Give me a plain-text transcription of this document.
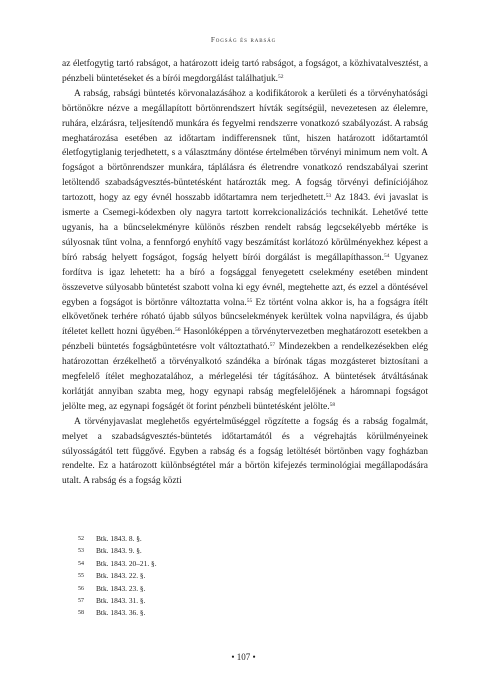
Fogság és rabság

az életfogytig tartó rabságot, a határozott ideig tartó rabságot, a fogságot, a közhivatalvesztést, a pénzbeli büntetéseket és a bírói megdorgálást találhatjuk.$^{52}$

A rabság, rabsági büntetés körvonalazásához a kodifikátorok a kerületi és a törvényhatósági börtönökre nézve a megállapított börtönrendszert hívták segítségül, nevezetesen az élelemre, ruhára, elzárásra, teljesítendő munkára és fegyelmi rendszerre vonatkozó szabályozást. A rabság meghatározása esetében az időtartam indifferensnek tűnt, hiszen határozott időtartamtól életfogytiglanig terjedhetett, s a választmány döntése értelmében törvényi minimum nem volt. A fogságot a börtönrendszer munkára, táplálásra és életrendre vonatkozó rendszabályai szerint letöltendő szabadságvesztés-büntetésként határozták meg. A fogság törvényi definíciójához tartozott, hogy az egy évnél hosszabb időtartamra nem terjedhetett.$^{53}$ Az 1843. évi javaslat is ismerte a Csemegi-kódexben oly nagyra tartott korrekcionalizációs technikát. Lehetővé tette ugyanis, ha a bűncselekményre különös részben rendelt rabság legcsekélyebb mértéke is súlyosnak tűnt volna, a fennforgó enyhítő vagy beszámítást korlátozó körülményekhez képest a bíró rabság helyett fogságot, fogság helyett bírói dorgálást is megállapíthasson.$^{54}$ Ugyanez fordítva is igaz lehetett: ha a bíró a fogsággal fenyegetett cselekmény esetében mindent összevetve súlyosabb büntetést szabott volna ki egy évnél, megtehette azt, és ezzel a döntésével egyben a fogságot is börtönre változtatta volna.$^{55}$ Ez történt volna akkor is, ha a fogságra ítélt elkövetőnek terhére róható újabb súlyos bűncselekmények kerültek volna napvilágra, és újabb ítéletet kellett hozni ügyében.$^{56}$ Hasonlóképpen a törvénytervezetben meghatározott esetekben a pénzbeli büntetés fogságbüntetésre volt változtatható.$^{57}$ Mindezekben a rendelkezésekben elég határozottan érzékelhető a törvényalkotó szándéka a bírónak tágas mozgásteret biztosítani a megfelelő ítélet meghozatalához, a mérlegelési tér tágításához. A büntetések átváltásának korlátját annyiban szabta meg, hogy egynapi rabság megfelelőjének a háromnapi fogságot jelölte meg, az egynapi fogságét öt forint pénzbeli büntetésként jelölte.$^{58}$

A törvényjavaslat meglehetős egyértelműséggel rögzítette a fogság és a rabság fogalmát, melyet a szabadságvesztés-büntetés időtartamától és a végrehajtás körülményeinek súlyosságától tett függővé. Egyben a rabság és a fogság letöltését börtönben vagy fogházban rendelte. Ez a határozott különbségtétel már a börtön kifejezés terminológiai megállapodására utalt. A rabság és a fogság közti

52 Btk. 1843. 8. §.
53 Btk. 1843. 9. §.
54 Btk. 1843. 20–21. §.
55 Btk. 1843. 22. §.
56 Btk. 1843. 23. §.
57 Btk. 1843. 31. §.
58 Btk. 1843. 36. §.
• 107 •
